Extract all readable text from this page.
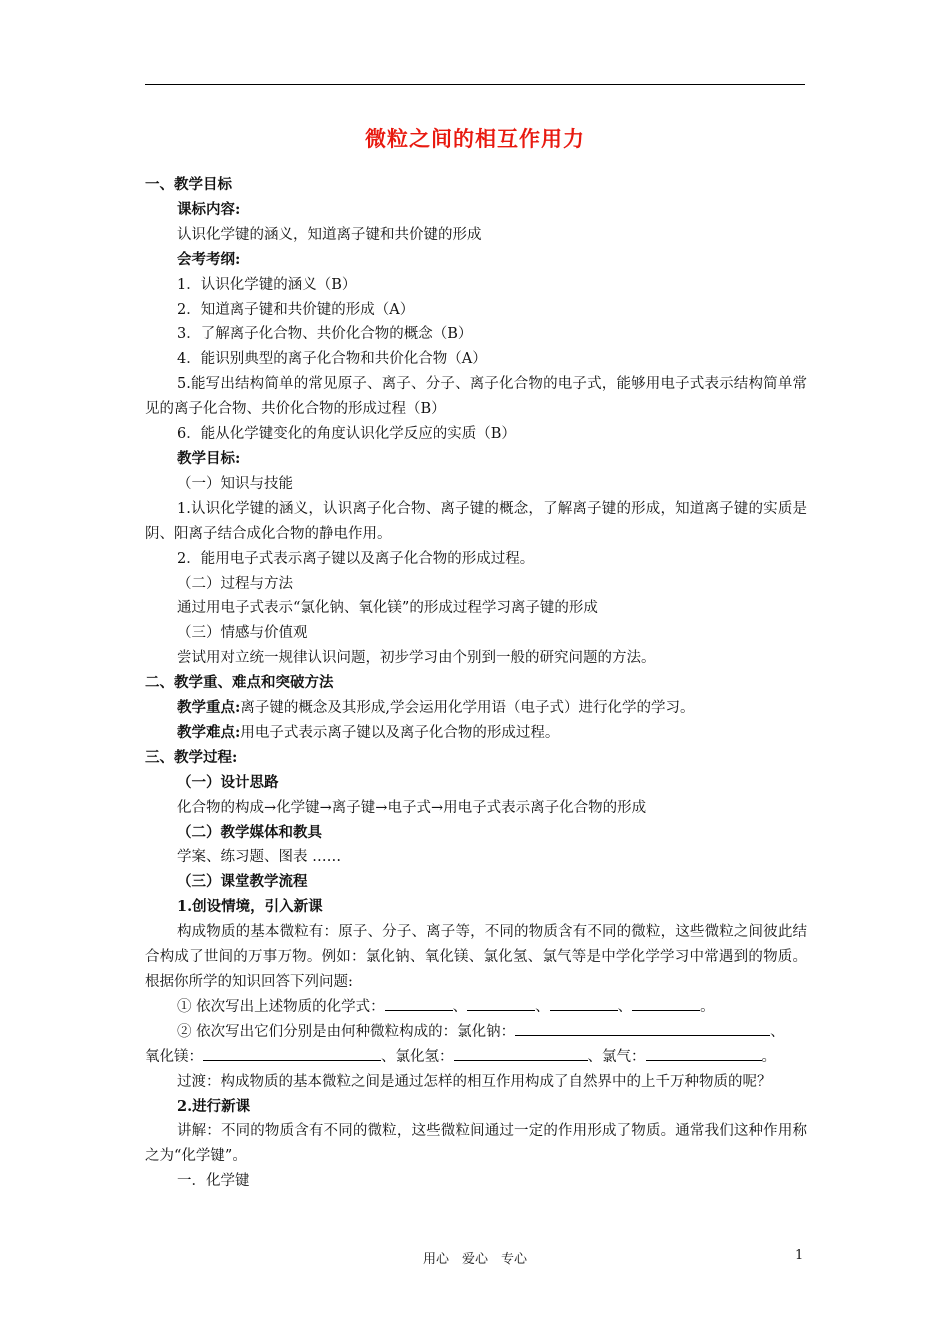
微粒之间的相互作用力
一、教学目标
课标内容:
认识化学键的涵义，知道离子键和共价键的形成
会考考纲:
1．认识化学键的涵义（B）
2．知道离子键和共价键的形成（A）
3．了解离子化合物、共价化合物的概念（B）
4．能识别典型的离子化合物和共价化合物（A）
5.能写出结构简单的常见原子、离子、分子、离子化合物的电子式，能够用电子式表示结构简单常见的离子化合物、共价化合物的形成过程（B）
6．能从化学键变化的角度认识化学反应的实质（B）
教学目标:
（一）知识与技能
1.认识化学键的涵义，认识离子化合物、离子键的概念，了解离子键的形成，知道离子键的实质是阴、阳离子结合成化合物的静电作用。
2．能用电子式表示离子键以及离子化合物的形成过程。
（二）过程与方法
通过用电子式表示“氯化钠、氧化镁”的形成过程学习离子键的形成
（三）情感与价值观
尝试用对立统一规律认识问题，初步学习由个别到一般的研究问题的方法。
二、教学重、难点和突破方法
教学重点:离子键的概念及其形成,学会运用化学用语（电子式）进行化学的学习。
教学难点:用电子式表示离子键以及离子化合物的形成过程。
三、教学过程:
（一）设计思路
化合物的构成→化学键→离子键→电子式→用电子式表示离子化合物的形成
（二）教学媒体和教具
学案、练习题、图表 ……
（三）课堂教学流程
1.创设情境，引入新课
构成物质的基本微粒有：原子、分子、离子等，不同的物质含有不同的微粒，这些微粒之间彼此结合构成了世间的万事万物。例如：氯化钠、氧化镁、氯化氢、氯气等是中学化学学习中常遇到的物质。根据你所学的知识回答下列问题:
① 依次写出上述物质的化学式：	、	、	、	。
② 依次写出它们分别是由何种微粒构成的：氯化钠：	、
氧化镁：	、氯化氢：	、氯气：	。
过渡：构成物质的基本微粒之间是通过怎样的相互作用构成了自然界中的上千万种物质的呢？
2.进行新课
讲解：不同的物质含有不同的微粒，这些微粒间通过一定的作用形成了物质。通常我们这种作用称之为“化学键”。
一．化学键
用心　爱心　专心	1
